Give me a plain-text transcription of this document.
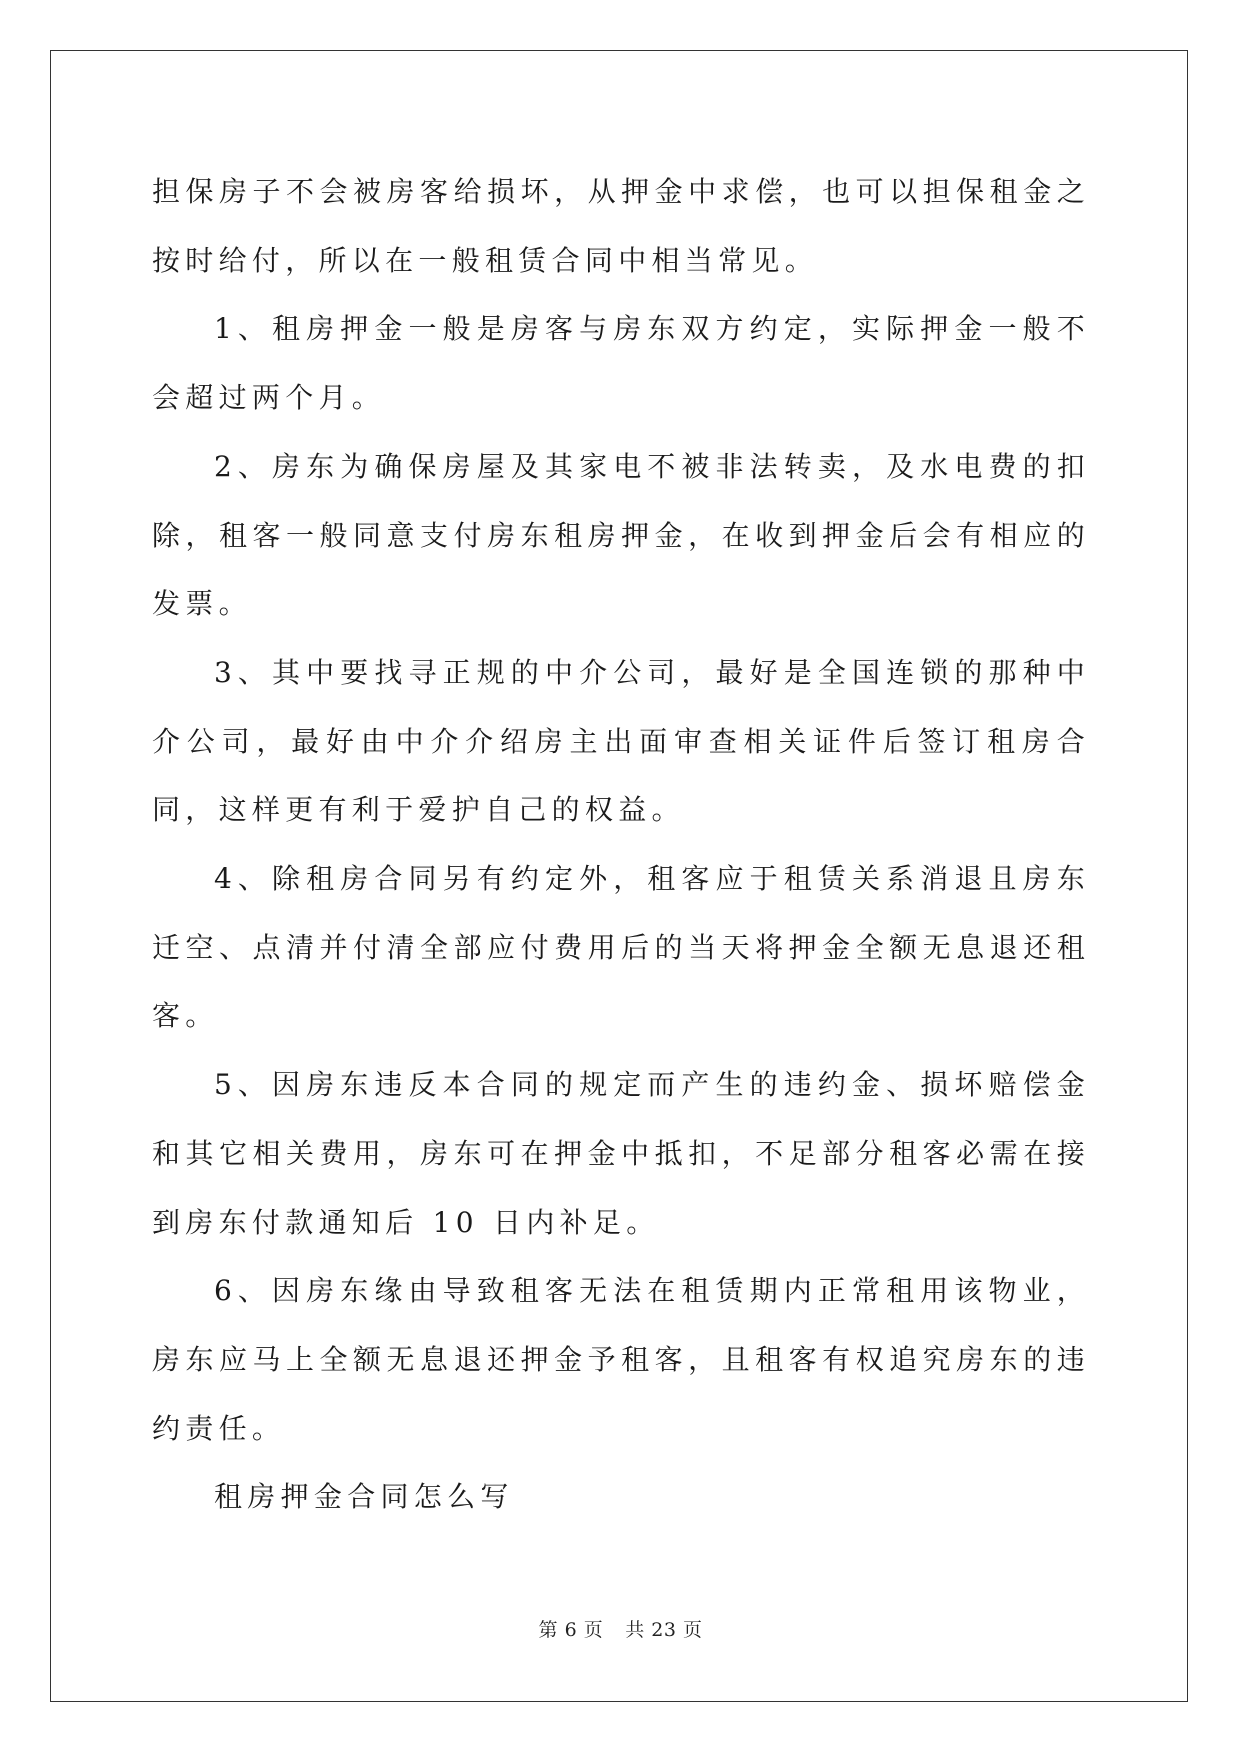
担保房子不会被房客给损坏，从押金中求偿，也可以担保租金之按时给付，所以在一般租赁合同中相当常见。

1、租房押金一般是房客与房东双方约定，实际押金一般不会超过两个月。

2、房东为确保房屋及其家电不被非法转卖，及水电费的扣除，租客一般同意支付房东租房押金，在收到押金后会有相应的发票。

3、其中要找寻正规的中介公司，最好是全国连锁的那种中介公司，最好由中介介绍房主出面审查相关证件后签订租房合同，这样更有利于爱护自己的权益。

4、除租房合同另有约定外，租客应于租赁关系消退且房东迁空、点清并付清全部应付费用后的当天将押金全额无息退还租客。

5、因房东违反本合同的规定而产生的违约金、损坏赔偿金和其它相关费用，房东可在押金中抵扣，不足部分租客必需在接到房东付款通知后 10 日内补足。

6、因房东缘由导致租客无法在租赁期内正常租用该物业，房东应马上全额无息退还押金予租客，且租客有权追究房东的违约责任。

租房押金合同怎么写

第 6 页 共 23 页
